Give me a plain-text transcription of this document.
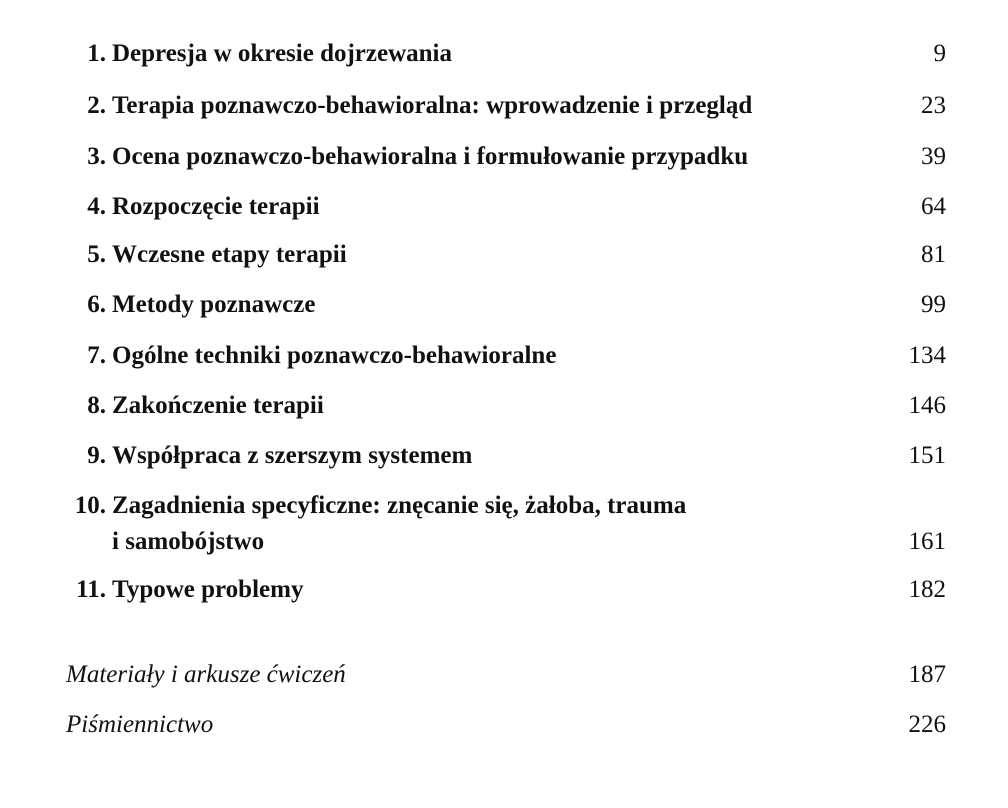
1. Depresja w okresie dojrzewania	9
2. Terapia poznawczo-behawioralna: wprowadzenie i przegląd	23
3. Ocena poznawczo-behawioralna i formułowanie przypadku	39
4. Rozpoczęcie terapii	64
5. Wczesne etapy terapii	81
6. Metody poznawcze	99
7. Ogólne techniki poznawczo-behawioralne	134
8. Zakończenie terapii	146
9. Współpraca z szerszym systemem	151
10. Zagadnienia specyficzne: znęcanie się, żałoba, trauma
i samobójstwo	161
11. Typowe problemy	182
Materiały i arkusze ćwiczeń	187
Piśmiennictwo	226
